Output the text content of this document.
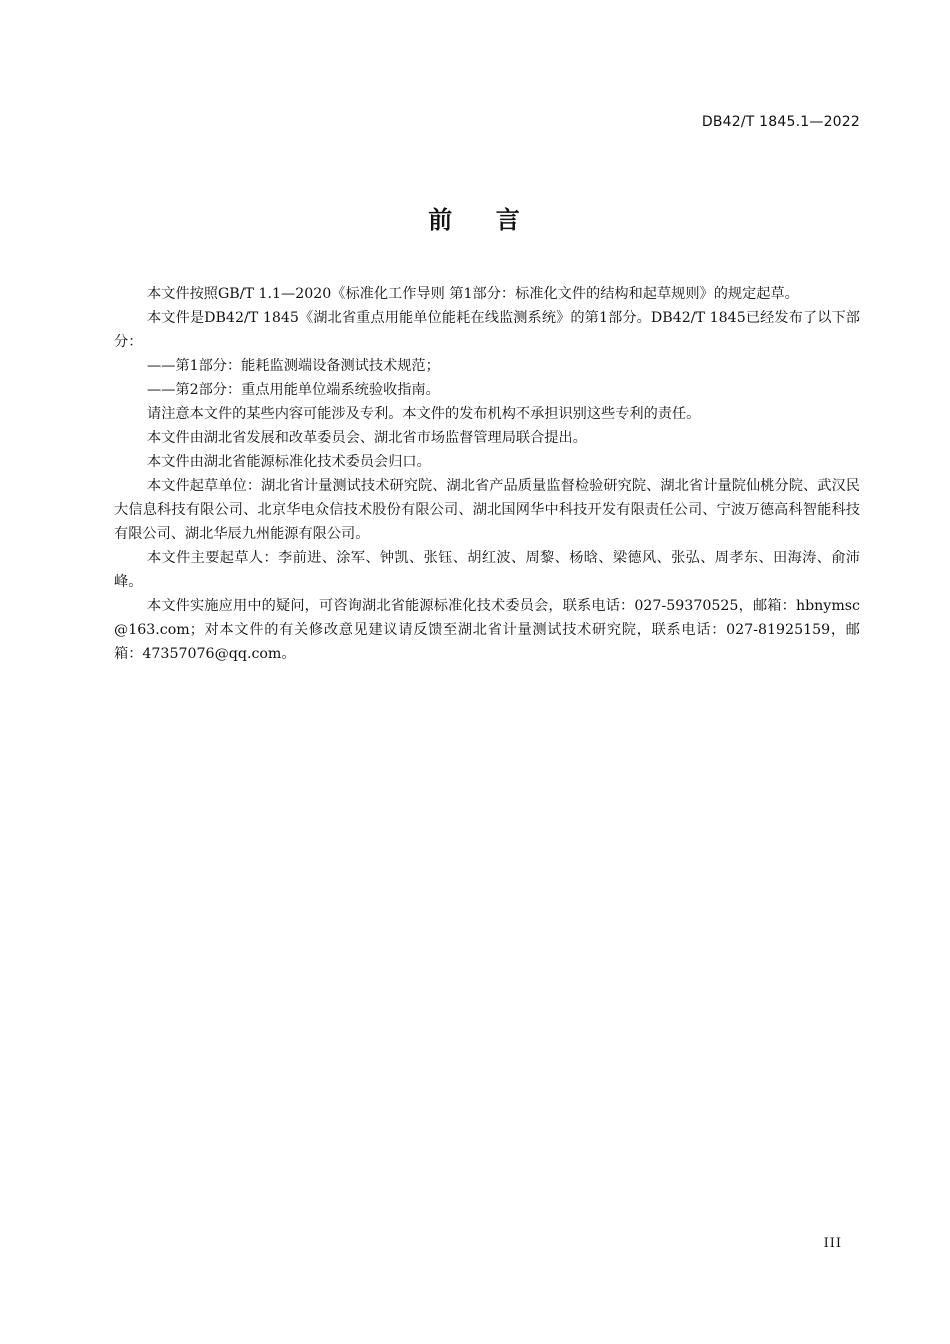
DB42/T 1845.1—2022
前    言

本文件按照GB/T 1.1—2020《标准化工作导则 第1部分：标准化文件的结构和起草规则》的规定起草。

本文件是DB42/T 1845《湖北省重点用能单位能耗在线监测系统》的第1部分。DB42/T 1845已经发布了以下部分：

——第1部分：能耗监测端设备测试技术规范；

——第2部分：重点用能单位端系统验收指南。

请注意本文件的某些内容可能涉及专利。本文件的发布机构不承担识别这些专利的责任。

本文件由湖北省发展和改革委员会、湖北省市场监督管理局联合提出。

本文件由湖北省能源标准化技术委员会归口。

本文件起草单位：湖北省计量测试技术研究院、湖北省产品质量监督检验研究院、湖北省计量院仙桃分院、武汉民大信息科技有限公司、北京华电众信技术股份有限公司、湖北国网华中科技开发有限责任公司、宁波万德高科智能科技有限公司、湖北华辰九州能源有限公司。

本文件主要起草人：李前进、涂军、钟凯、张钰、胡红波、周黎、杨晗、梁德风、张弘、周孝东、田海涛、俞沛峰。

本文件实施应用中的疑问，可咨询湖北省能源标准化技术委员会，联系电话：027-59370525，邮箱：hbnymsc@163.com；对本文件的有关修改意见建议请反馈至湖北省计量测试技术研究院，联系电话：027-81925159，邮箱：47357076@qq.com。

III
